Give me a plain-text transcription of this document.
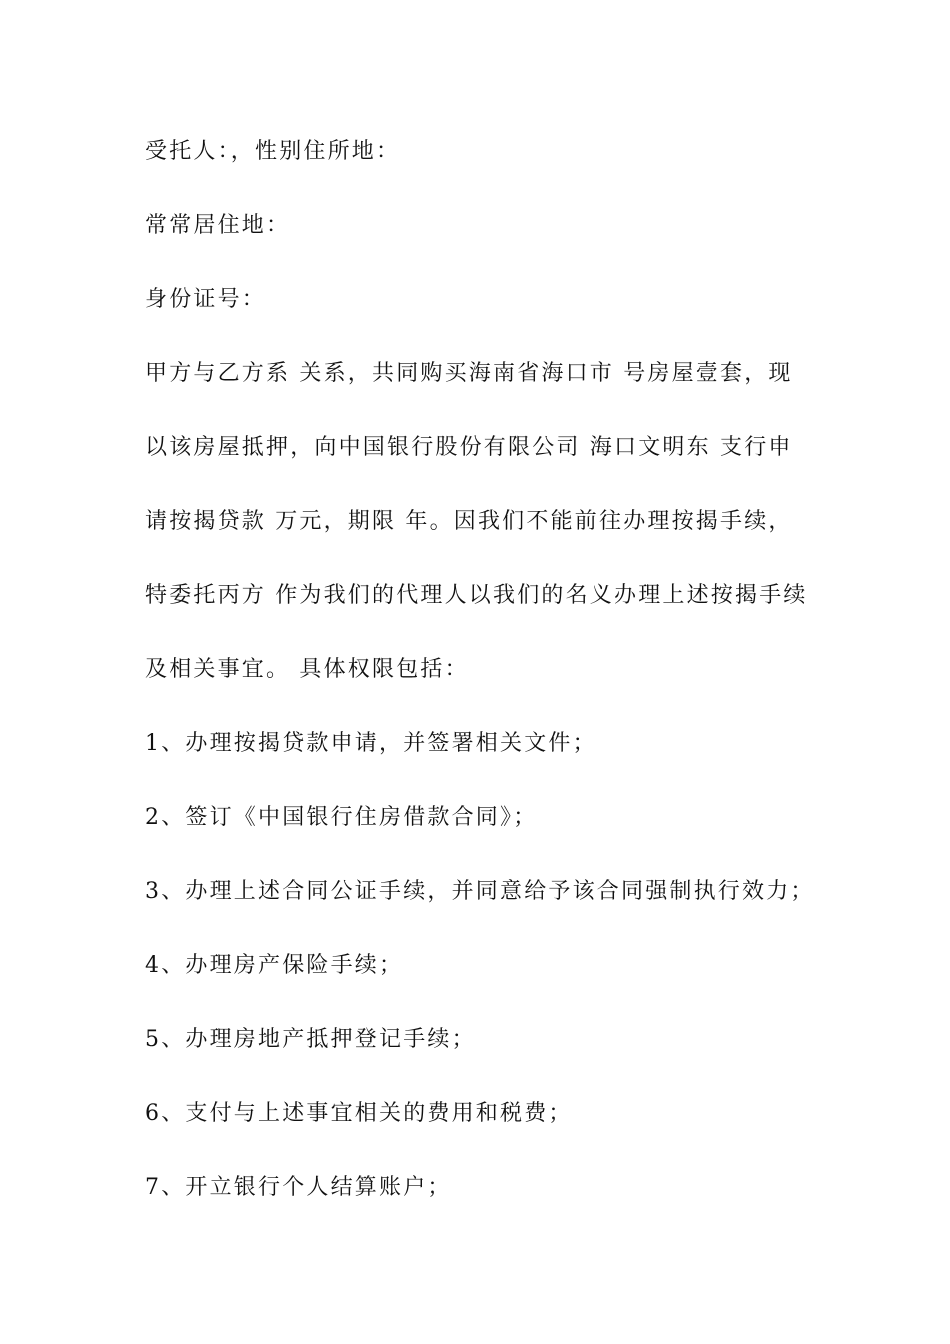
受托人：，性别住所地：
常常居住地：
身份证号：
甲方与乙方系 关系，共同购买海南省海口市 号房屋壹套，现
以该房屋抵押，向中国银行股份有限公司 海口文明东 支行申
请按揭贷款 万元，期限 年。因我们不能前往办理按揭手续，
特委托丙方 作为我们的代理人以我们的名义办理上述按揭手续
及相关事宜。 具体权限包括：
1、办理按揭贷款申请，并签署相关文件；
2、签订《中国银行住房借款合同》；
3、办理上述合同公证手续，并同意给予该合同强制执行效力；
4、办理房产保险手续；
5、办理房地产抵押登记手续；
6、支付与上述事宜相关的费用和税费；
7、开立银行个人结算账户；
